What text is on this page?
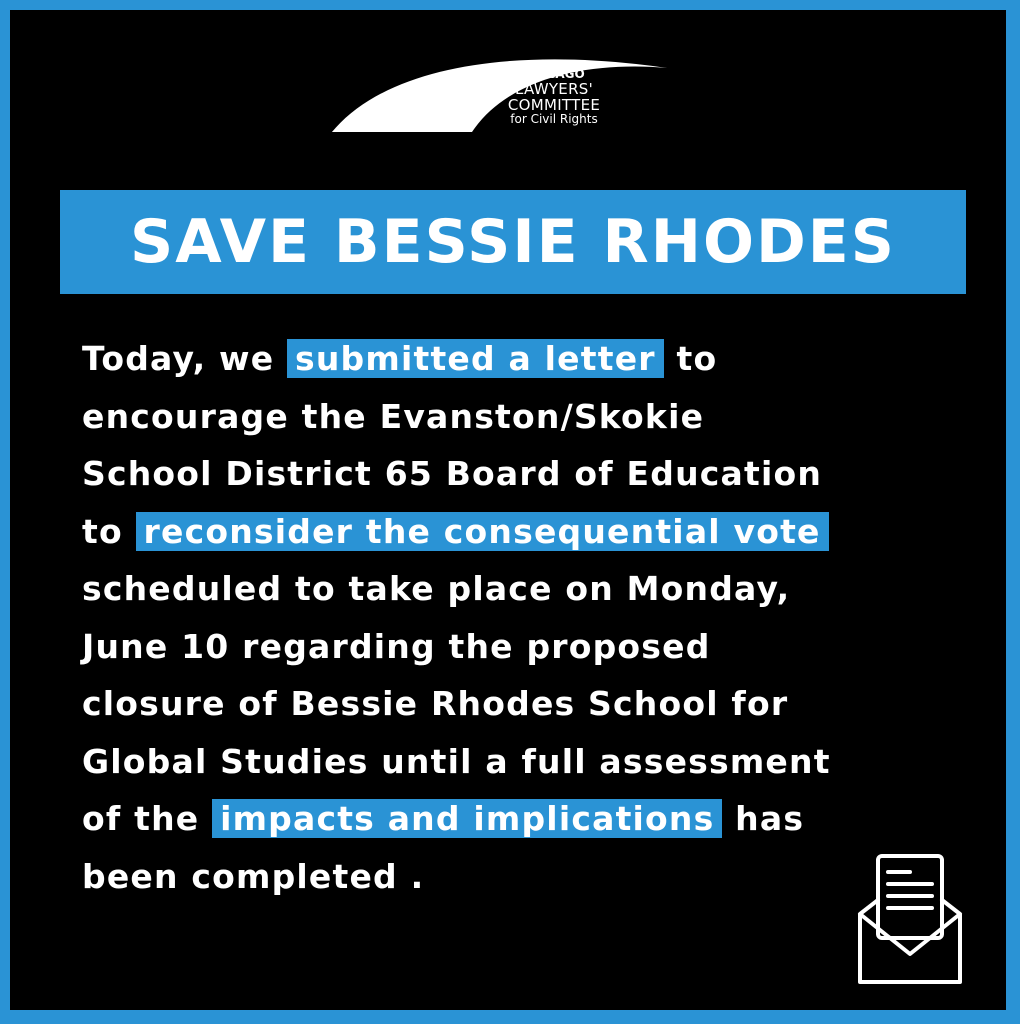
CHICAGO
LAWYERS'
COMMITTEE
for Civil Rights
SAVE BESSIE RHODES
Today, we submitted a letter to
encourage the Evanston/Skokie
School District 65 Board of Education
to reconsider the consequential vote
scheduled to take place on Monday,
June 10 regarding the proposed
closure of Bessie Rhodes School for
Global Studies until a full assessment
of the impacts and implications has
been completed .
